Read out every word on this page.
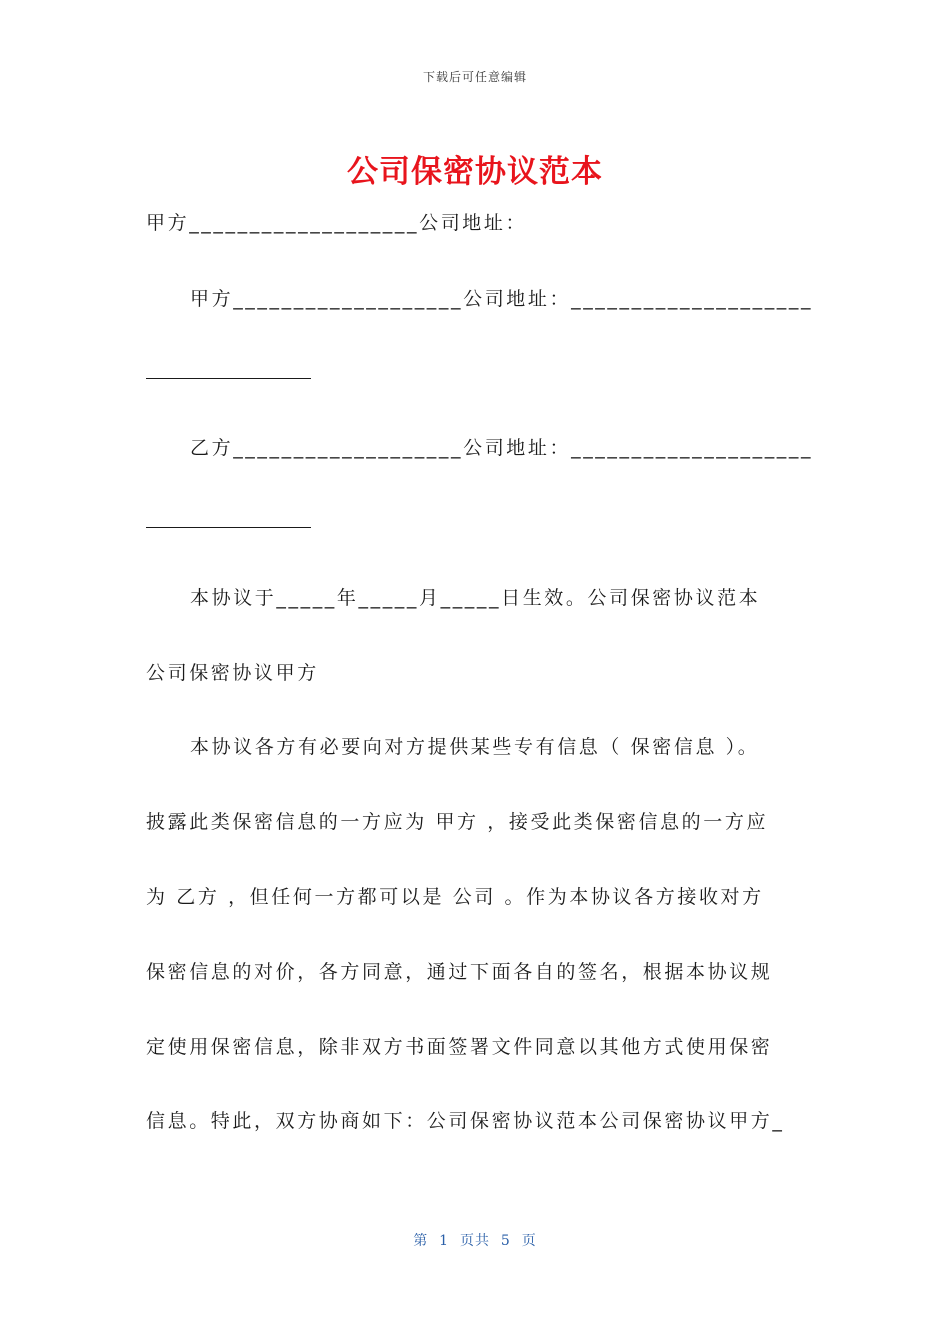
下载后可任意编辑
公司保密协议范本
甲方___________________公司地址：
甲方___________________公司地址：____________________
乙方___________________公司地址：____________________
本协议于_____年_____月_____日生效。公司保密协议范本
公司保密协议甲方
本协议各方有必要向对方提供某些专有信息（ 保密信息 ）。
披露此类保密信息的一方应为 甲方 ，接受此类保密信息的一方应
为 乙方 ，但任何一方都可以是 公司 。作为本协议各方接收对方
保密信息的对价，各方同意，通过下面各自的签名，根据本协议规
定使用保密信息，除非双方书面签署文件同意以其他方式使用保密
信息。特此，双方协商如下：公司保密协议范本公司保密协议甲方_
第  1  页共  5  页
